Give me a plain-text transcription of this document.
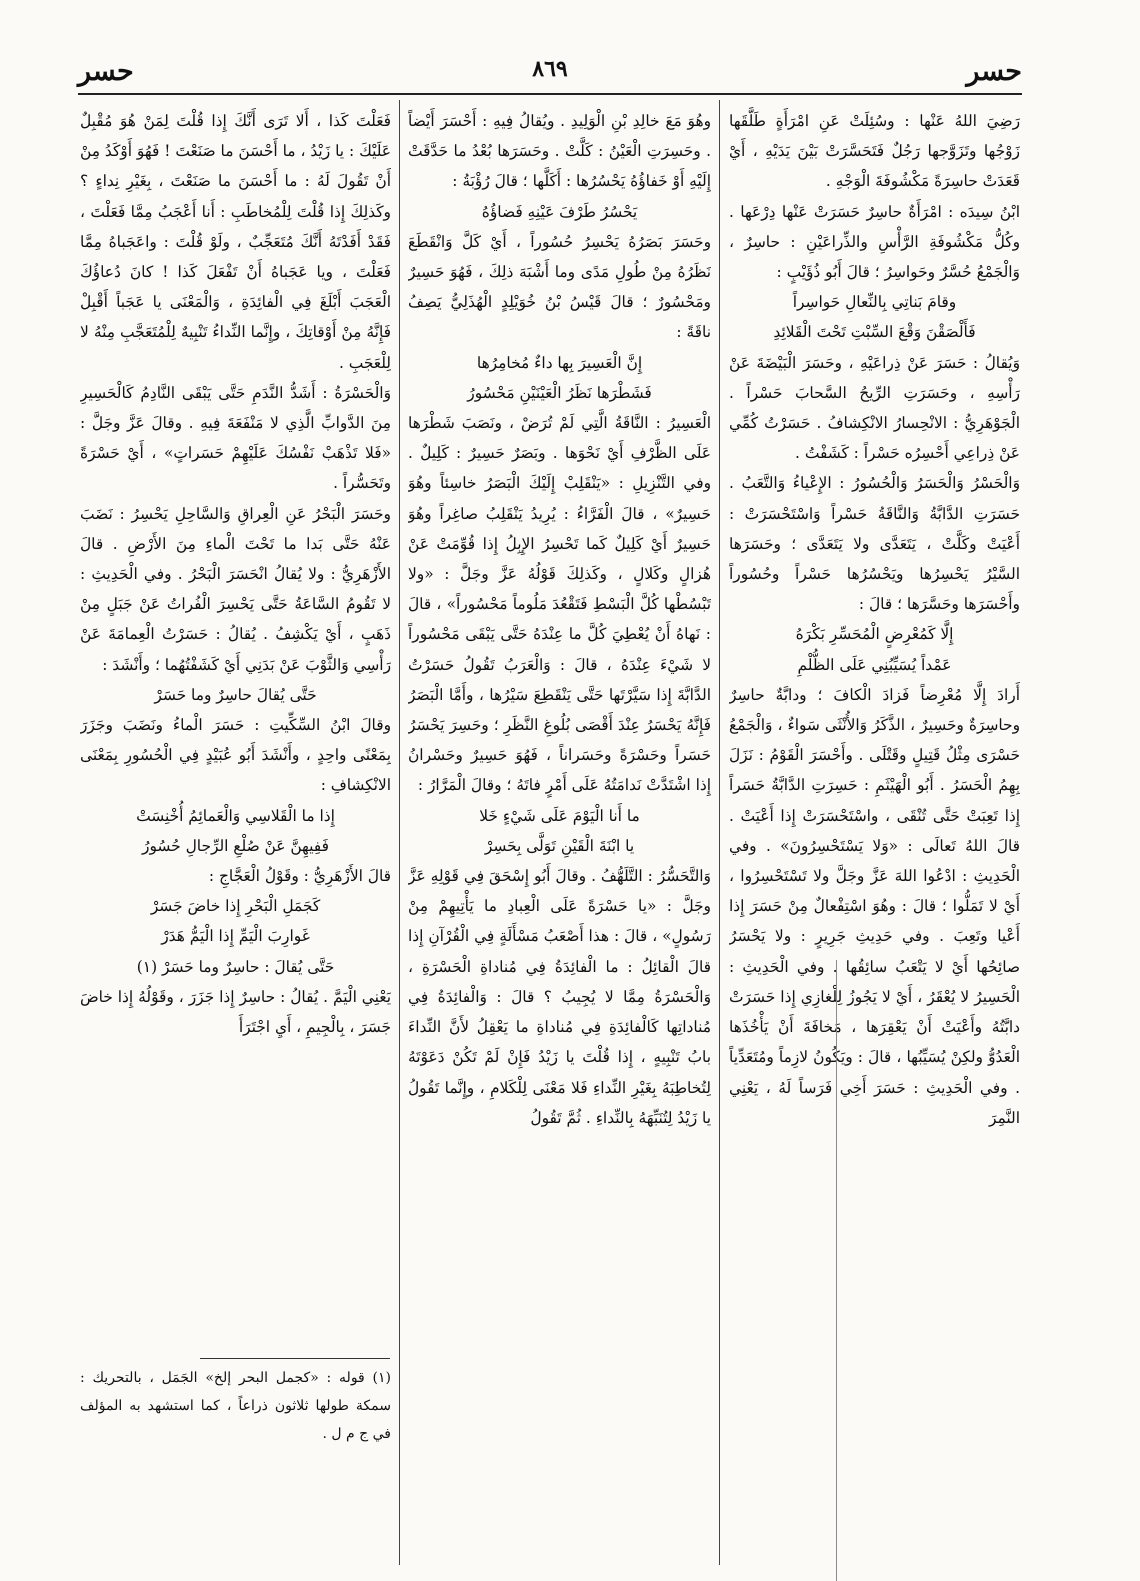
حسر
٨٦٩
حسر

رَضِيَ اللهُ عَنْها : وسُئِلَتْ عَنِ امْرَأَةٍ طَلَّقَها زَوْجُها وتَزَوَّجها رَجُلٌ فَتَحَسَّرَتْ بَيْنَ يَدَيْهِ ، أَيْ قَعَدَتْ حاسِرَةً مَكْشُوفَةَ الْوَجْهِ .

ابْنُ سِيدَه : امْرَأَةٌ حاسِرٌ حَسَرَتْ عَنْها دِرْعَها . وكُلُّ مَكْشُوفَةِ الرَّأْسِ والذِّراعَيْنِ : حاسِرٌ ، وَالْجَمْعُ حُسَّرٌ وحَواسِرُ ؛ قالَ أَبُو ذُؤَيْبٍ :

وقامَ بَناتِي بِالنِّعالِ حَواسِراً

فَأَلْصَقْنَ وَقْعَ السِّبْتِ تَحْتَ الْقَلائِدِ

وَيُقالُ : حَسَرَ عَنْ ذِراعَيْهِ ، وحَسَرَ الْبَيْضَةَ عَنْ رَأْسِهِ ، وحَسَرَتِ الرِّيحُ السَّحابَ حَسْراً . الْجَوْهَرِيُّ : الانْحِسارُ الانْكِشافُ . حَسَرْتُ كُمِّي عَنْ ذِراعِي أَحْسِرُه حَسْراً : كَشَفْتُ .

وَالْحَسْرُ وَالْحَسَرُ وَالْحُسُورُ : الإِعْياءُ وَالتَّعَبُ . حَسَرَتِ الدَّابَّةُ وَالنَّاقَةُ حَسْراً وَاسْتَحْسَرَتْ : أَعْيَتْ وكَلَّتْ ، يَتَعَدَّى ولا يَتَعَدَّى ؛ وحَسَرَها السَّيْرُ يَحْسِرُها ويَحْسُرُها حَسْراً وحُسُوراً وأَحْسَرَها وحَسَّرَها ؛ قالَ :

إِلَّا كَمُعْرِضٍ الْمُحَسِّرِ بَكْرَهُ

عَمْداً يُسَيِّبُنِي عَلَى الظُّلْمِ

أَرادَ إِلَّا مُعْرِضاً فَزادَ الْكافَ ؛ ودابَّةٌ حاسِرٌ وحاسِرَةٌ وحَسِيرٌ ، الذَّكَرُ وَالأُنْثَى سَواءٌ ، وَالْجَمْعُ حَسْرَى مِثْلُ قَتِيلٍ وقَتْلَى . وأَحْسَرَ الْقَوْمُ : نَزَلَ بِهِمُ الْحَسَرُ . أَبُو الْهَيْثَمِ : حَسِرَتِ الدَّابَّةُ حَسَراً إِذا تَعِبَتْ حَتَّى تُنْقَى ، واسْتَحْسَرَتْ إِذا أَعْيَتْ . قالَ اللهُ تَعالَى : «وَلا يَسْتَحْسِرُونَ» . وفي الْحَدِيثِ : ادْعُوا اللهَ عَزَّ وجَلَّ ولا تَسْتَحْسِرُوا ، أَيْ لا تَمَلُّوا ؛ قالَ : وهُوَ اسْتِفْعالٌ مِنْ حَسَرَ إِذا أَعْيا وتَعِبَ . وفي حَدِيثِ جَرِيرٍ : ولا يَحْسَرُ صائِحُها أَيْ لا يَتْعَبُ سائِقُها . وفي الْحَدِيثِ : الْحَسِيرُ لا يُعْقَرُ ، أَيْ لا يَجُوزُ لِلْغازِي إِذا حَسَرَتْ دابَّتُهُ وأَعْيَتْ أَنْ يَعْقِرَها ، مَخافَةَ أَنْ يَأْخُذَها الْعَدُوُّ ولكِنْ يُسَيِّبُها ، قالَ : ويَكُونُ لازِماً ومُتَعَدِّياً . وفي الْحَدِيثِ : حَسَرَ أَخِي فَرَساً لَهُ ، يَعْنِي النَّمِرَ

وهُوَ مَعَ خالِدِ بْنِ الْوَلِيدِ . ويُقالُ فِيهِ : أَحْسَرَ أَيْضاً . وحَسِرَتِ الْعَيْنُ : كَلَّتْ . وحَسَرَها بُعْدُ ما حَدَّقَتْ إِلَيْهِ أَوْ خَفاؤُهُ يَحْسُرُها : أَكَلَّها ؛ قالَ رُؤْبَةُ :

يَحْسُرُ طَرْفَ عَيْنِهِ فَضاؤُهُ

وحَسَرَ بَصَرُهُ يَحْسِرُ حُسُوراً ، أَيْ كَلَّ وَانْقَطَعَ نَظَرُهُ مِنْ طُولِ مَدًى وما أَشْبَهَ ذلِكَ ، فَهُوَ حَسِيرٌ ومَحْسُورٌ ؛ قالَ قَيْسُ بْنُ خُوَيْلِدٍ الْهُذَلِيُّ يَصِفُ ناقَةً :

إِنَّ الْعَسِيرَ بِها داءٌ مُخامِرُها

فَشَطْرَها نَظَرُ الْعَيْنَيْنِ مَحْسُورُ

الْعَسِيرُ : النَّاقَةُ الَّتِي لَمْ تُرَضْ ، ونَصَبَ شَطْرَها عَلَى الظَّرْفِ أَيْ نَحْوَها . وبَصَرٌ حَسِيرٌ : كَلِيلٌ . وفي التَّنْزِيلِ : «يَنْقَلِبْ إِلَيْكَ الْبَصَرُ خاسِئاً وهُوَ حَسِيرٌ» ، قالَ الْفَرَّاءُ : يُرِيدُ يَنْقَلِبُ صاغِراً وهُوَ حَسِيرٌ أَيْ كَلِيلٌ كَما تَحْسِرُ الإِبِلُ إِذا قُوِّمَتْ عَنْ هُزالٍ وكَلالٍ ، وكَذلِكَ قَوْلُهُ عَزَّ وجَلَّ : «ولا تَبْسُطْها كُلَّ الْبَسْطِ فَتَقْعُدَ مَلُوماً مَحْسُوراً» ، قالَ : نَهاهُ أَنْ يُعْطِيَ كُلَّ ما عِنْدَهُ حَتَّى يَبْقَى مَحْسُوراً لا شَيْءَ عِنْدَهُ ، قالَ : وَالْعَرَبُ تَقُولُ حَسَرْتُ الدَّابَّةَ إِذا سَيَّرْتَها حَتَّى يَنْقَطِعَ سَيْرُها ، وأَمَّا الْبَصَرُ فَإِنَّهُ يَحْسَرُ عِنْدَ أَقْصَى بُلُوغِ النَّظَرِ ؛ وحَسِرَ يَحْسَرُ حَسَراً وحَسْرَةً وحَسَراناً ، فَهُوَ حَسِيرٌ وحَسْرانُ إِذا اشْتَدَّتْ نَدامَتُهُ عَلَى أَمْرٍ فاتَهُ ؛ وقالَ الْمَرَّارُ :

ما أَنا الْيَوْمَ عَلَى شَيْءٍ خَلا

يا ابْنَةَ الْقَيْنِ تَوَلَّى بِحَسِرْ

وَالتَّحَسُّرُ : التَّلَهُّفُ . وقالَ أَبُو إِسْحَقَ فِي قَوْلِهِ عَزَّ وجَلَّ : «يا حَسْرَةً عَلَى الْعِبادِ ما يَأْتِيهِمْ مِنْ رَسُولٍ» ، قالَ : هذا أَصْعَبُ مَسْأَلَةٍ فِي الْقُرْآنِ إِذا قالَ الْقائِلُ : ما الْفائِدَةُ فِي مُناداةِ الْحَسْرَةِ ، وَالْحَسْرَةُ مِمَّا لا يُجِيبُ ؟ قالَ : وَالْفائِدَةُ فِي مُناداتِها كَالْفائِدَةِ فِي مُناداةِ ما يَعْقِلُ لأَنَّ النِّداءَ بابُ تَنْبِيهٍ ، إِذا قُلْتَ يا زَيْدُ فَإِنْ لَمْ تَكُنْ دَعَوْتَهُ لِتُخاطِبَهُ بِغَيْرِ النِّداءِ فَلا مَعْنَى لِلْكَلامِ ، وإِنَّما تَقُولُ يا زَيْدُ لِتُنَبِّهَهُ بِالنِّداءِ . ثُمَّ تَقُولُ

فَعَلْتَ كَذا ، أَلا تَرَى أَنَّكَ إِذا قُلْتَ لِمَنْ هُوَ مُقْبِلٌ عَلَيْكَ : يا زَيْدُ ، ما أَحْسَنَ ما صَنَعْتَ ! فَهُوَ أَوْكَدُ مِنْ أَنْ تَقُولَ لَهُ : ما أَحْسَنَ ما صَنَعْتَ ، بِغَيْرِ نِداءٍ ؟ وكَذلِكَ إِذا قُلْتَ لِلْمُخاطَبِ : أَنا أَعْجَبُ مِمَّا فَعَلْتَ ، فَقَدْ أَفَدْتَهُ أَنَّكَ مُتَعَجِّبٌ ، ولَوْ قُلْتَ : واعَجَباهُ مِمَّا فَعَلْتَ ، ويا عَجَباهُ أَنْ تَفْعَلَ كَذا ! كانَ دُعاؤُكَ الْعَجَبَ أَبْلَغَ فِي الْفائِدَةِ ، وَالْمَعْنَى يا عَجَباً أَقْبِلْ فَإِنَّهُ مِنْ أَوْقاتِكَ ، وإِنَّما النِّداءُ تَنْبِيهٌ لِلْمُتَعَجَّبِ مِنْهُ لا لِلْعَجَبِ .

وَالْحَسْرَةُ : أَشَدُّ النَّدَمِ حَتَّى يَبْقَى النَّادِمُ كَالْحَسِيرِ مِنَ الدَّوابِّ الَّذِي لا مَنْفَعَةَ فِيهِ . وقالَ عَزَّ وجَلَّ : «فَلا تَذْهَبْ نَفْسُكَ عَلَيْهِمْ حَسَراتٍ» ، أَيْ حَسْرَةً وتَحَسُّراً .

وحَسَرَ الْبَحْرُ عَنِ الْعِراقِ وَالسَّاحِلِ يَحْسِرُ : نَضَبَ عَنْهُ حَتَّى بَدا ما تَحْتَ الْماءِ مِنَ الأَرْضِ . قالَ الأَزْهَرِيُّ : ولا يُقالُ انْحَسَرَ الْبَحْرُ . وفي الْحَدِيثِ : لا تَقُومُ السَّاعَةُ حَتَّى يَحْسِرَ الْفُراتُ عَنْ جَبَلٍ مِنْ ذَهَبٍ ، أَيْ يَكْشِفُ . يُقالُ : حَسَرْتُ الْعِمامَةَ عَنْ رَأْسِي وَالثَّوْبَ عَنْ بَدَنِي أَيْ كَشَفْتُهُما ؛ وأَنْشَدَ :

حَتَّى يُقالَ حاسِرٌ وما حَسَرْ

وقالَ ابْنُ السِّكِّيتِ : حَسَرَ الْماءُ ونَضَبَ وجَزَرَ بِمَعْنًى واحِدٍ ، وأَنْشَدَ أَبُو عُبَيْدٍ فِي الْحُسُورِ بِمَعْنَى الانْكِشافِ :

إِذا ما الْقَلاسِي وَالْعَمائِمُ أُخْنِسَتْ

فَفِيهِنَّ عَنْ صُلْعِ الرِّجالِ حُسُورُ

قالَ الأَزْهَرِيُّ : وقَوْلُ الْعَجَّاجِ :

كَجَمَلِ الْبَحْرِ إِذا خاضَ جَسَرْ

غَوارِبَ الْيَمِّ إِذا الْيَمُّ هَدَرْ

حَتَّى يُقالَ : حاسِرٌ وما حَسَرْ (١)

يَعْنِي الْيَمَّ . يُقالُ : حاسِرٌ إِذا جَزَرَ ، وقَوْلُهُ إِذا خاضَ جَسَرَ ، بِالْجِيمِ ، أَيِ اجْتَرَأَ

(١) قوله : «كجمل البحر إلخ» الجَمَل ، بالتحريك : سمكة طولها ثلاثون ذراعاً ، كما استشهد به المؤلف في ج م ل .
